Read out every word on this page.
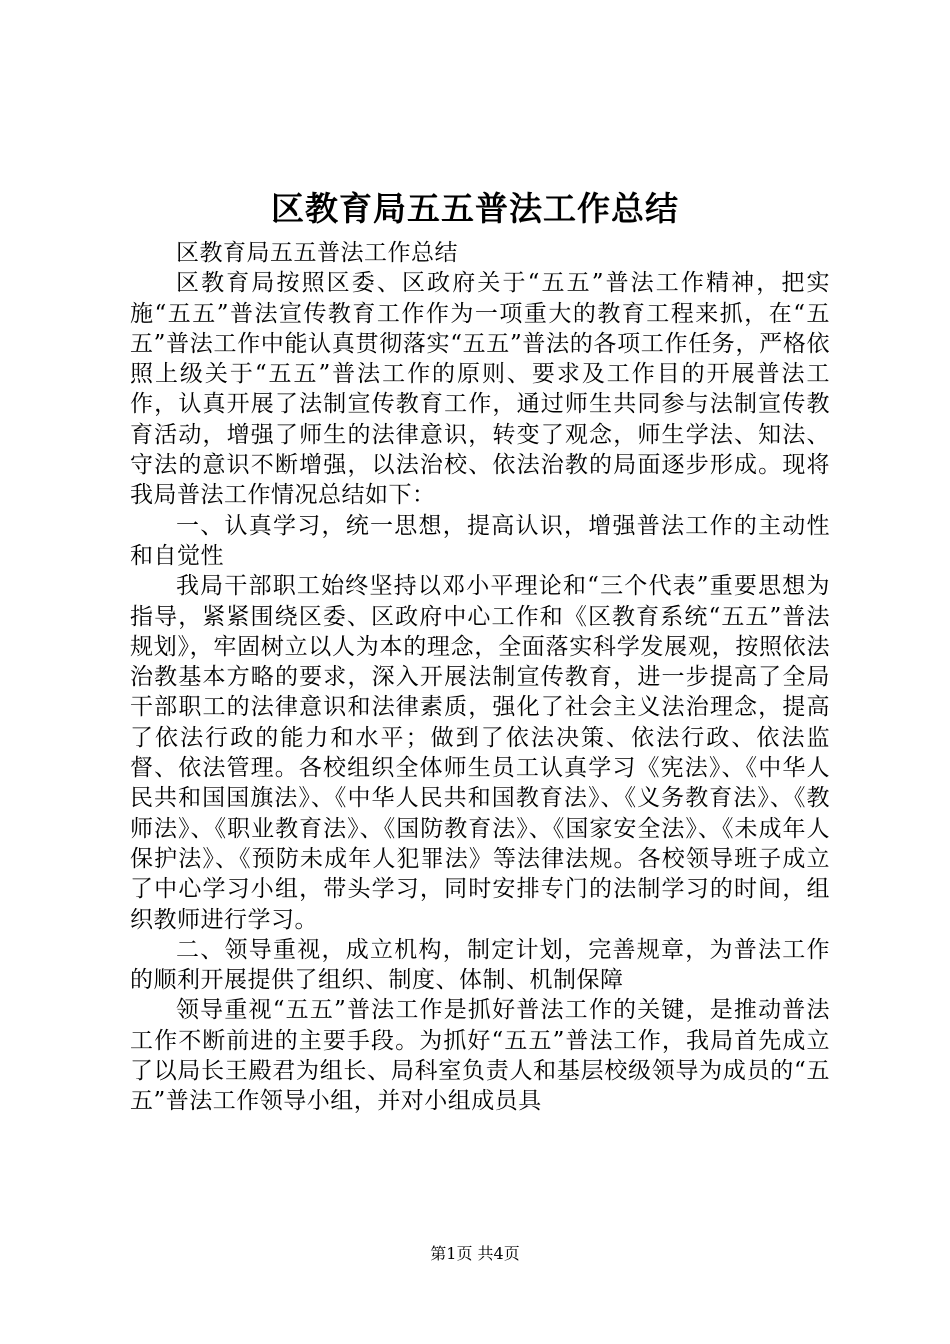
区教育局五五普法工作总结

区教育局五五普法工作总结

区教育局按照区委、区政府关于“五五”普法工作精神，把实施“五五”普法宣传教育工作作为一项重大的教育工程来抓，在“五五”普法工作中能认真贯彻落实“五五”普法的各项工作任务，严格依照上级关于“五五”普法工作的原则、要求及工作目的开展普法工作，认真开展了法制宣传教育工作，通过师生共同参与法制宣传教育活动，增强了师生的法律意识，转变了观念，师生学法、知法、守法的意识不断增强，以法治校、依法治教的局面逐步形成。现将我局普法工作情况总结如下：

一、认真学习，统一思想，提高认识，增强普法工作的主动性和自觉性

我局干部职工始终坚持以邓小平理论和“三个代表”重要思想为指导，紧紧围绕区委、区政府中心工作和《区教育系统“五五”普法规划》，牢固树立以人为本的理念，全面落实科学发展观，按照依法治教基本方略的要求，深入开展法制宣传教育，进一步提高了全局干部职工的法律意识和法律素质，强化了社会主义法治理念，提高了依法行政的能力和水平；做到了依法决策、依法行政、依法监督、依法管理。各校组织全体师生员工认真学习《宪法》、《中华人民共和国国旗法》、《中华人民共和国教育法》、《义务教育法》、《教师法》、《职业教育法》、《国防教育法》、《国家安全法》、《未成年人保护法》、《预防未成年人犯罪法》等法律法规。各校领导班子成立了中心学习小组，带头学习，同时安排专门的法制学习的时间，组织教师进行学习。

二、领导重视，成立机构，制定计划，完善规章，为普法工作的顺利开展提供了组织、制度、体制、机制保障

领导重视“五五”普法工作是抓好普法工作的关键，是推动普法工作不断前进的主要手段。为抓好“五五”普法工作，我局首先成立了以局长王殿君为组长、局科室负责人和基层校级领导为成员的“五五”普法工作领导小组，并对小组成员具

第1页 共4页
